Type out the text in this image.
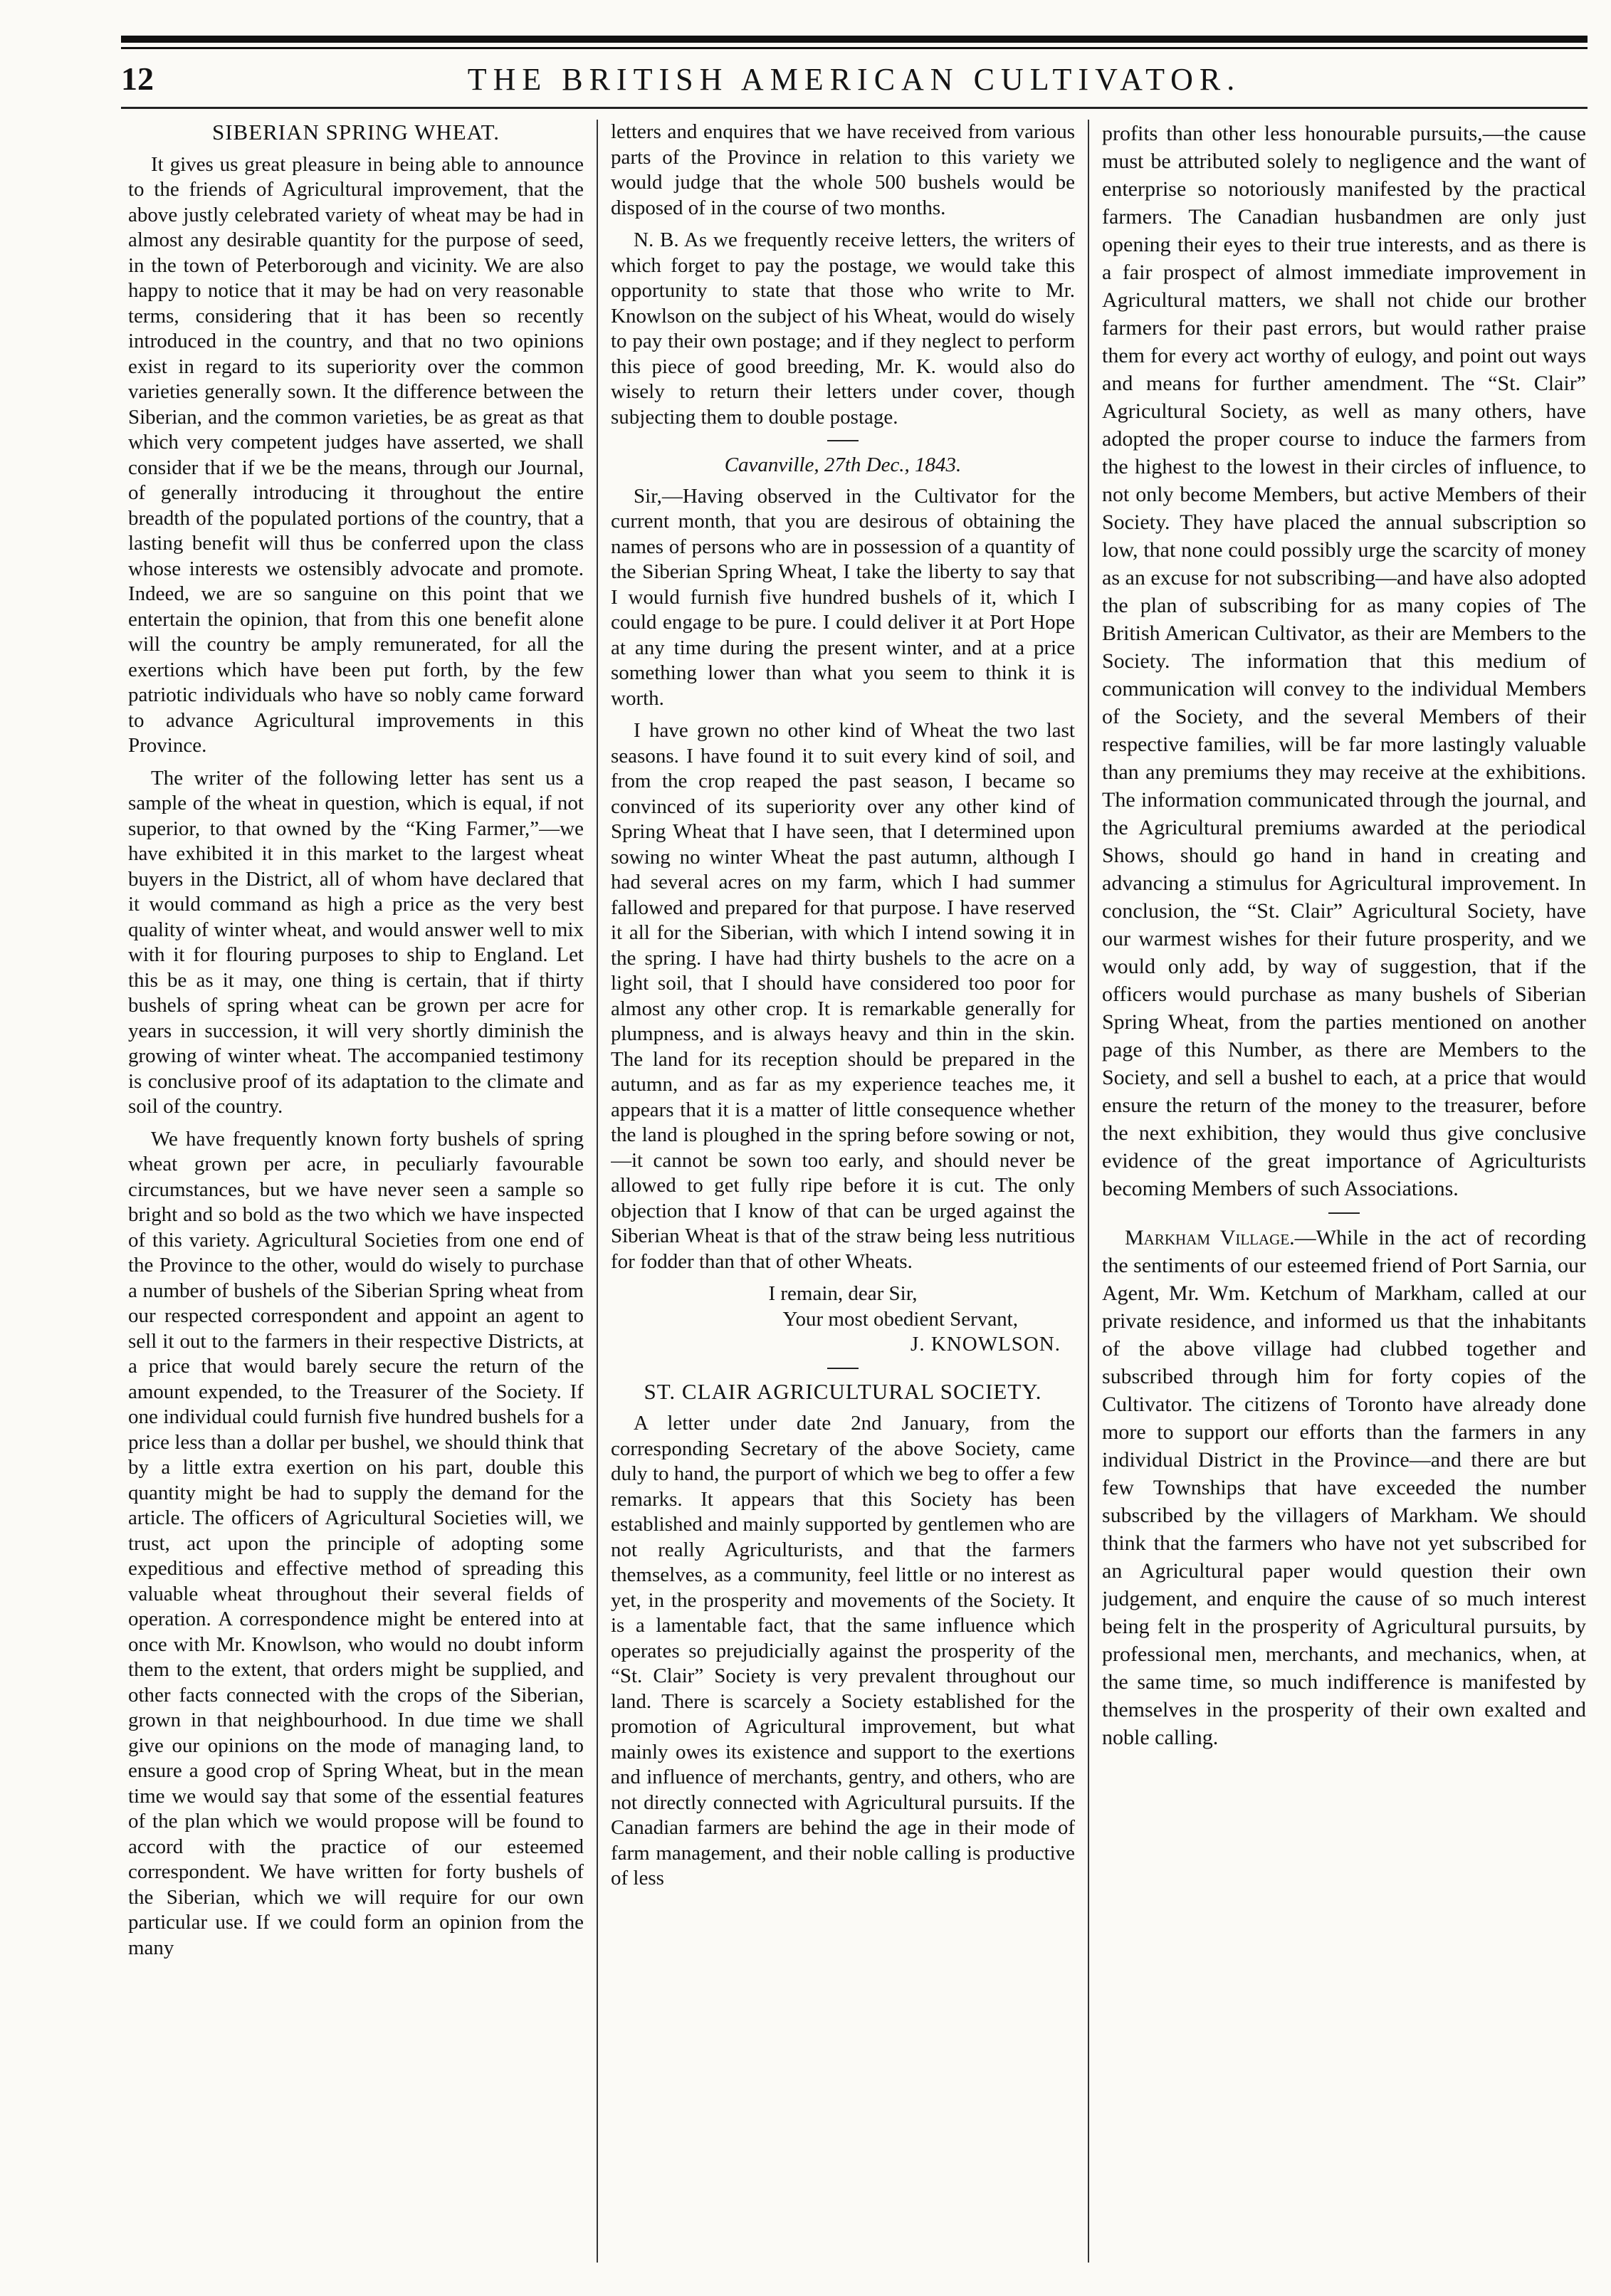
12	THE BRITISH AMERICAN CULTIVATOR.
SIBERIAN SPRING WHEAT.

It gives us great pleasure in being able to announce to the friends of Agricultural improvement, that the above justly celebrated variety of wheat may be had in almost any desirable quantity for the purpose of seed, in the town of Peterborough and vicinity. We are also happy to notice that it may be had on very reasonable terms, considering that it has been so recently introduced in the country, and that no two opinions exist in regard to its superiority over the common varieties generally sown. It the difference between the Siberian, and the common varieties, be as great as that which very competent judges have asserted, we shall consider that if we be the means, through our Journal, of generally introducing it throughout the entire breadth of the populated portions of the country, that a lasting benefit will thus be conferred upon the class whose interests we ostensibly advocate and promote. Indeed, we are so sanguine on this point that we entertain the opinion, that from this one benefit alone will the country be amply remunerated, for all the exertions which have been put forth, by the few patriotic individuals who have so nobly came forward to advance Agricultural improvements in this Province.

The writer of the following letter has sent us a sample of the wheat in question, which is equal, if not superior, to that owned by the “King Farmer,”—we have exhibited it in this market to the largest wheat buyers in the District, all of whom have declared that it would command as high a price as the very best quality of winter wheat, and would answer well to mix with it for flouring purposes to ship to England. Let this be as it may, one thing is certain, that if thirty bushels of spring wheat can be grown per acre for years in succession, it will very shortly diminish the growing of winter wheat. The accompanied testimony is conclusive proof of its adaptation to the climate and soil of the country.

We have frequently known forty bushels of spring wheat grown per acre, in peculiarly favourable circumstances, but we have never seen a sample so bright and so bold as the two which we have inspected of this variety. Agricultural Societies from one end of the Province to the other, would do wisely to purchase a number of bushels of the Siberian Spring wheat from our respected correspondent and appoint an agent to sell it out to the farmers in their respective Districts, at a price that would barely secure the return of the amount expended, to the Treasurer of the Society. If one individual could furnish five hundred bushels for a price less than a dollar per bushel, we should think that by a little extra exertion on his part, double this quantity might be had to supply the demand for the article. The officers of Agricultural Societies will, we trust, act upon the principle of adopting some expeditious and effective method of spreading this valuable wheat throughout their several fields of operation. A correspondence might be entered into at once with Mr. Knowlson, who would no doubt inform them to the extent, that orders might be supplied, and other facts connected with the crops of the Siberian, grown in that neighbourhood. In due time we shall give our opinions on the mode of managing land, to ensure a good crop of Spring Wheat, but in the mean time we would say that some of the essential features of the plan which we would propose will be found to accord with the practice of our esteemed correspondent. We have written for forty bushels of the Siberian, which we will require for our own particular use. If we could form an opinion from the many

letters and enquires that we have received from various parts of the Province in relation to this variety we would judge that the whole 500 bushels would be disposed of in the course of two months.

N. B. As we frequently receive letters, the writers of which forget to pay the postage, we would take this opportunity to state that those who write to Mr. Knowlson on the subject of his Wheat, would do wisely to pay their own postage; and if they neglect to perform this piece of good breeding, Mr. K. would also do wisely to return their letters under cover, though subjecting them to double postage.

Cavanville, 27th Dec., 1843.

Sir,—Having observed in the Cultivator for the current month, that you are desirous of obtaining the names of persons who are in possession of a quantity of the Siberian Spring Wheat, I take the liberty to say that I would furnish five hundred bushels of it, which I could engage to be pure. I could deliver it at Port Hope at any time during the present winter, and at a price something lower than what you seem to think it is worth.

I have grown no other kind of Wheat the two last seasons. I have found it to suit every kind of soil, and from the crop reaped the past season, I became so convinced of its superiority over any other kind of Spring Wheat that I have seen, that I determined upon sowing no winter Wheat the past autumn, although I had several acres on my farm, which I had summer fallowed and prepared for that purpose. I have reserved it all for the Siberian, with which I intend sowing it in the spring. I have had thirty bushels to the acre on a light soil, that I should have considered too poor for almost any other crop. It is remarkable generally for plumpness, and is always heavy and thin in the skin. The land for its reception should be prepared in the autumn, and as far as my experience teaches me, it appears that it is a matter of little consequence whether the land is ploughed in the spring before sowing or not,—it cannot be sown too early, and should never be allowed to get fully ripe before it is cut. The only objection that I know of that can be urged against the Siberian Wheat is that of the straw being less nutritious for fodder than that of other Wheats.

I remain, dear Sir,
Your most obedient Servant,
J. KNOWLSON.
ST. CLAIR AGRICULTURAL SOCIETY.

A letter under date 2nd January, from the corresponding Secretary of the above Society, came duly to hand, the purport of which we beg to offer a few remarks. It appears that this Society has been established and mainly supported by gentlemen who are not really Agriculturists, and that the farmers themselves, as a community, feel little or no interest as yet, in the prosperity and movements of the Society. It is a lamentable fact, that the same influence which operates so prejudicially against the prosperity of the “St. Clair” Society is very prevalent throughout our land. There is scarcely a Society established for the promotion of Agricultural improvement, but what mainly owes its existence and support to the exertions and influence of merchants, gentry, and others, who are not directly connected with Agricultural pursuits. If the Canadian farmers are behind the age in their mode of farm management, and their noble calling is productive of less

profits than other less honourable pursuits,—the cause must be attributed solely to negligence and the want of enterprise so notoriously manifested by the practical farmers. The Canadian husbandmen are only just opening their eyes to their true interests, and as there is a fair prospect of almost immediate improvement in Agricultural matters, we shall not chide our brother farmers for their past errors, but would rather praise them for every act worthy of eulogy, and point out ways and means for further amendment. The “St. Clair” Agricultural Society, as well as many others, have adopted the proper course to induce the farmers from the highest to the lowest in their circles of influence, to not only become Members, but active Members of their Society. They have placed the annual subscription so low, that none could possibly urge the scarcity of money as an excuse for not subscribing—and have also adopted the plan of subscribing for as many copies of The British American Cultivator, as their are Members to the Society. The information that this medium of communication will convey to the individual Members of the Society, and the several Members of their respective families, will be far more lastingly valuable than any premiums they may receive at the exhibitions. The information communicated through the journal, and the Agricultural premiums awarded at the periodical Shows, should go hand in hand in creating and advancing a stimulus for Agricultural improvement. In conclusion, the “St. Clair” Agricultural Society, have our warmest wishes for their future prosperity, and we would only add, by way of suggestion, that if the officers would purchase as many bushels of Siberian Spring Wheat, from the parties mentioned on another page of this Number, as there are Members to the Society, and sell a bushel to each, at a price that would ensure the return of the money to the treasurer, before the next exhibition, they would thus give conclusive evidence of the great importance of Agriculturists becoming Members of such Associations.

Markham Village.—While in the act of recording the sentiments of our esteemed friend of Port Sarnia, our Agent, Mr. Wm. Ketchum of Markham, called at our private residence, and informed us that the inhabitants of the above village had clubbed together and subscribed through him for forty copies of the Cultivator. The citizens of Toronto have already done more to support our efforts than the farmers in any individual District in the Province—and there are but few Townships that have exceeded the number subscribed by the villagers of Markham. We should think that the farmers who have not yet subscribed for an Agricultural paper would question their own judgement, and enquire the cause of so much interest being felt in the prosperity of Agricultural pursuits, by professional men, merchants, and mechanics, when, at the same time, so much indifference is manifested by themselves in the prosperity of their own exalted and noble calling.
